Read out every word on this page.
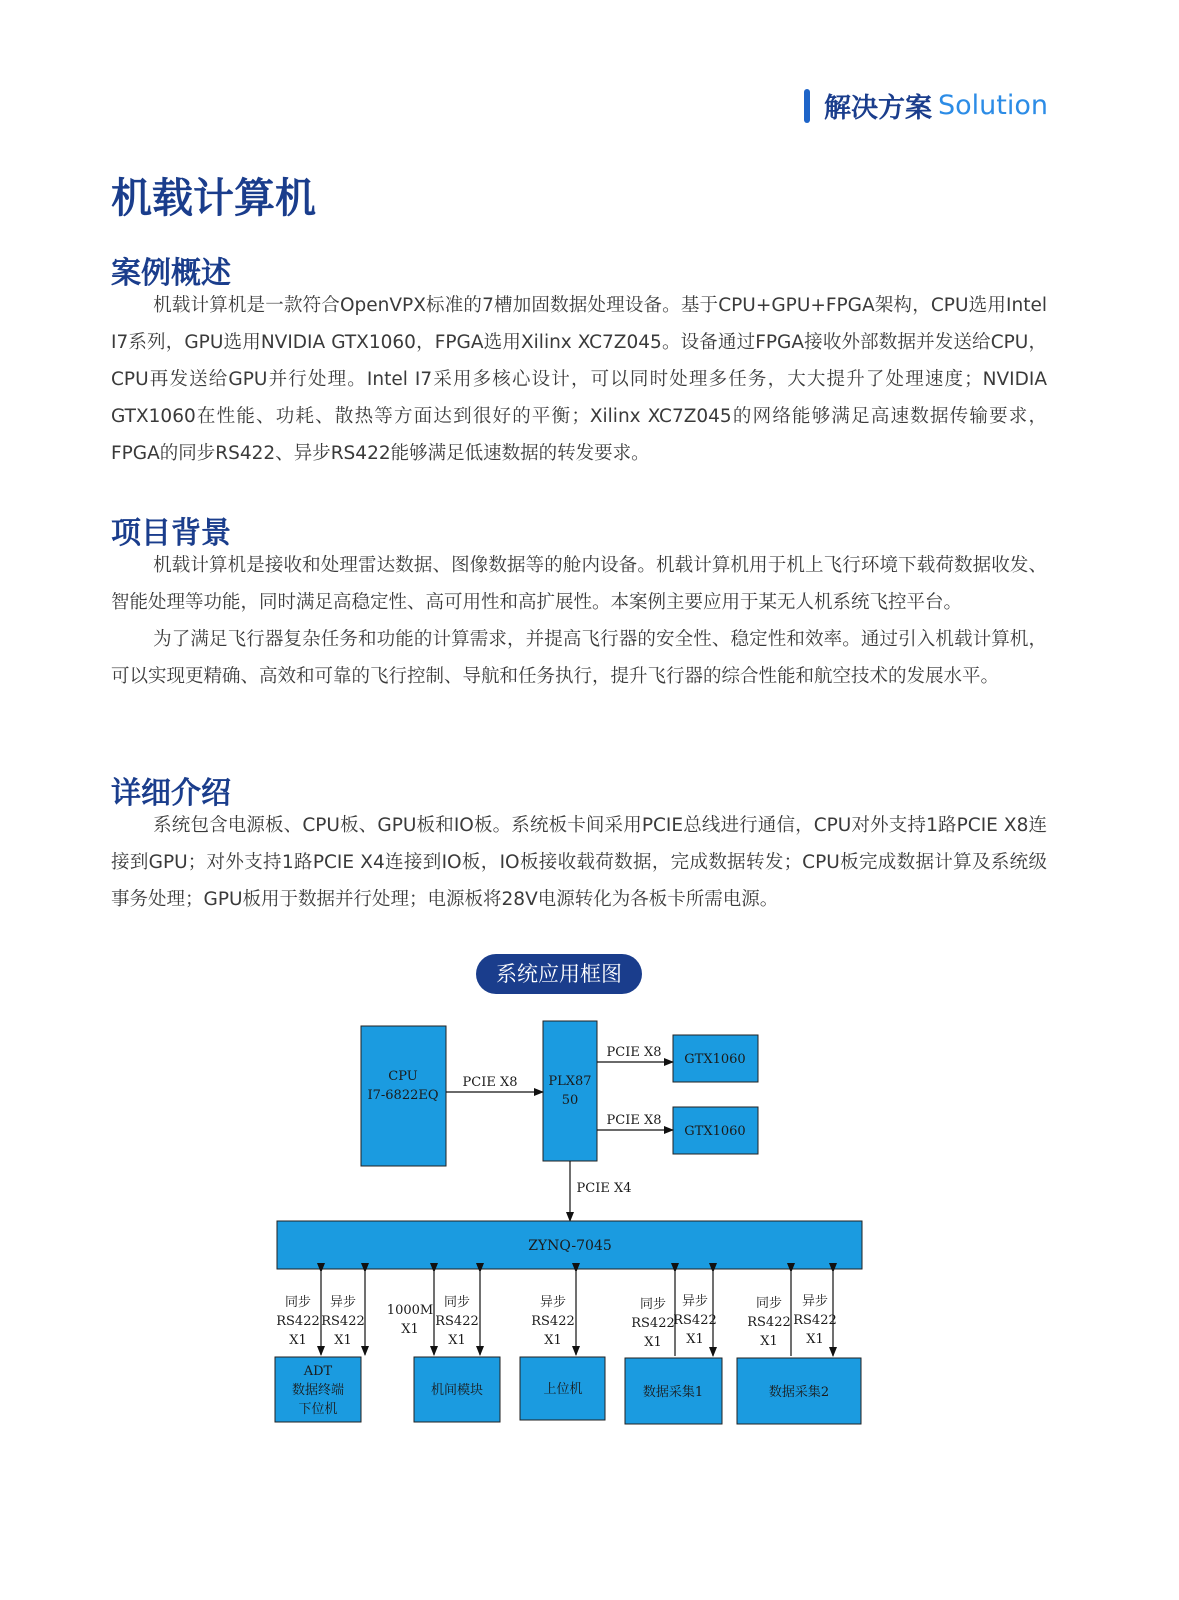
解决方案 Solution
机载计算机
案例概述

机载计算机是一款符合OpenVPX标准的7槽加固数据处理设备。基于CPU+GPU+FPGA架构，CPU选用Intel I7系列，GPU选用NVIDIA GTX1060，FPGA选用Xilinx XC7Z045。设备通过FPGA接收外部数据并发送给CPU，CPU再发送给GPU并行处理。Intel I7采用多核心设计，可以同时处理多任务，大大提升了处理速度；NVIDIA GTX1060在性能、功耗、散热等方面达到很好的平衡；Xilinx XC7Z045的网络能够满足高速数据传输要求，FPGA的同步RS422、异步RS422能够满足低速数据的转发要求。

项目背景

机载计算机是接收和处理雷达数据、图像数据等的舱内设备。机载计算机用于机上飞行环境下载荷数据收发、智能处理等功能，同时满足高稳定性、高可用性和高扩展性。本案例主要应用于某无人机系统飞控平台。

为了满足飞行器复杂任务和功能的计算需求，并提高飞行器的安全性、稳定性和效率。通过引入机载计算机，可以实现更精确、高效和可靠的飞行控制、导航和任务执行，提升飞行器的综合性能和航空技术的发展水平。

详细介绍

系统包含电源板、CPU板、GPU板和IO板。系统板卡间采用PCIE总线进行通信，CPU对外支持1路PCIE X8连接到GPU；对外支持1路PCIE X4连接到IO板，IO板接收载荷数据，完成数据转发；CPU板完成数据计算及系统级事务处理；GPU板用于数据并行处理；电源板将28V电源转化为各板卡所需电源。

系统应用框图
CPU
I7-6822EQ
PLX87
50
GTX1060
GTX1060
PCIE X8
PCIE X8
PCIE X8
PCIE X4
ZYNQ-7045
ADT
数据终端
下位机
机间模块	上位机	数据采集1	数据采集2
同步
RS422
X1
异步
RS422
X1
1000M
X1
同步
RS422
X1
异步
RS422
X1
同步
RS422
X1
异步
RS422
X1
同步
RS422
X1
异步
RS422
X1
